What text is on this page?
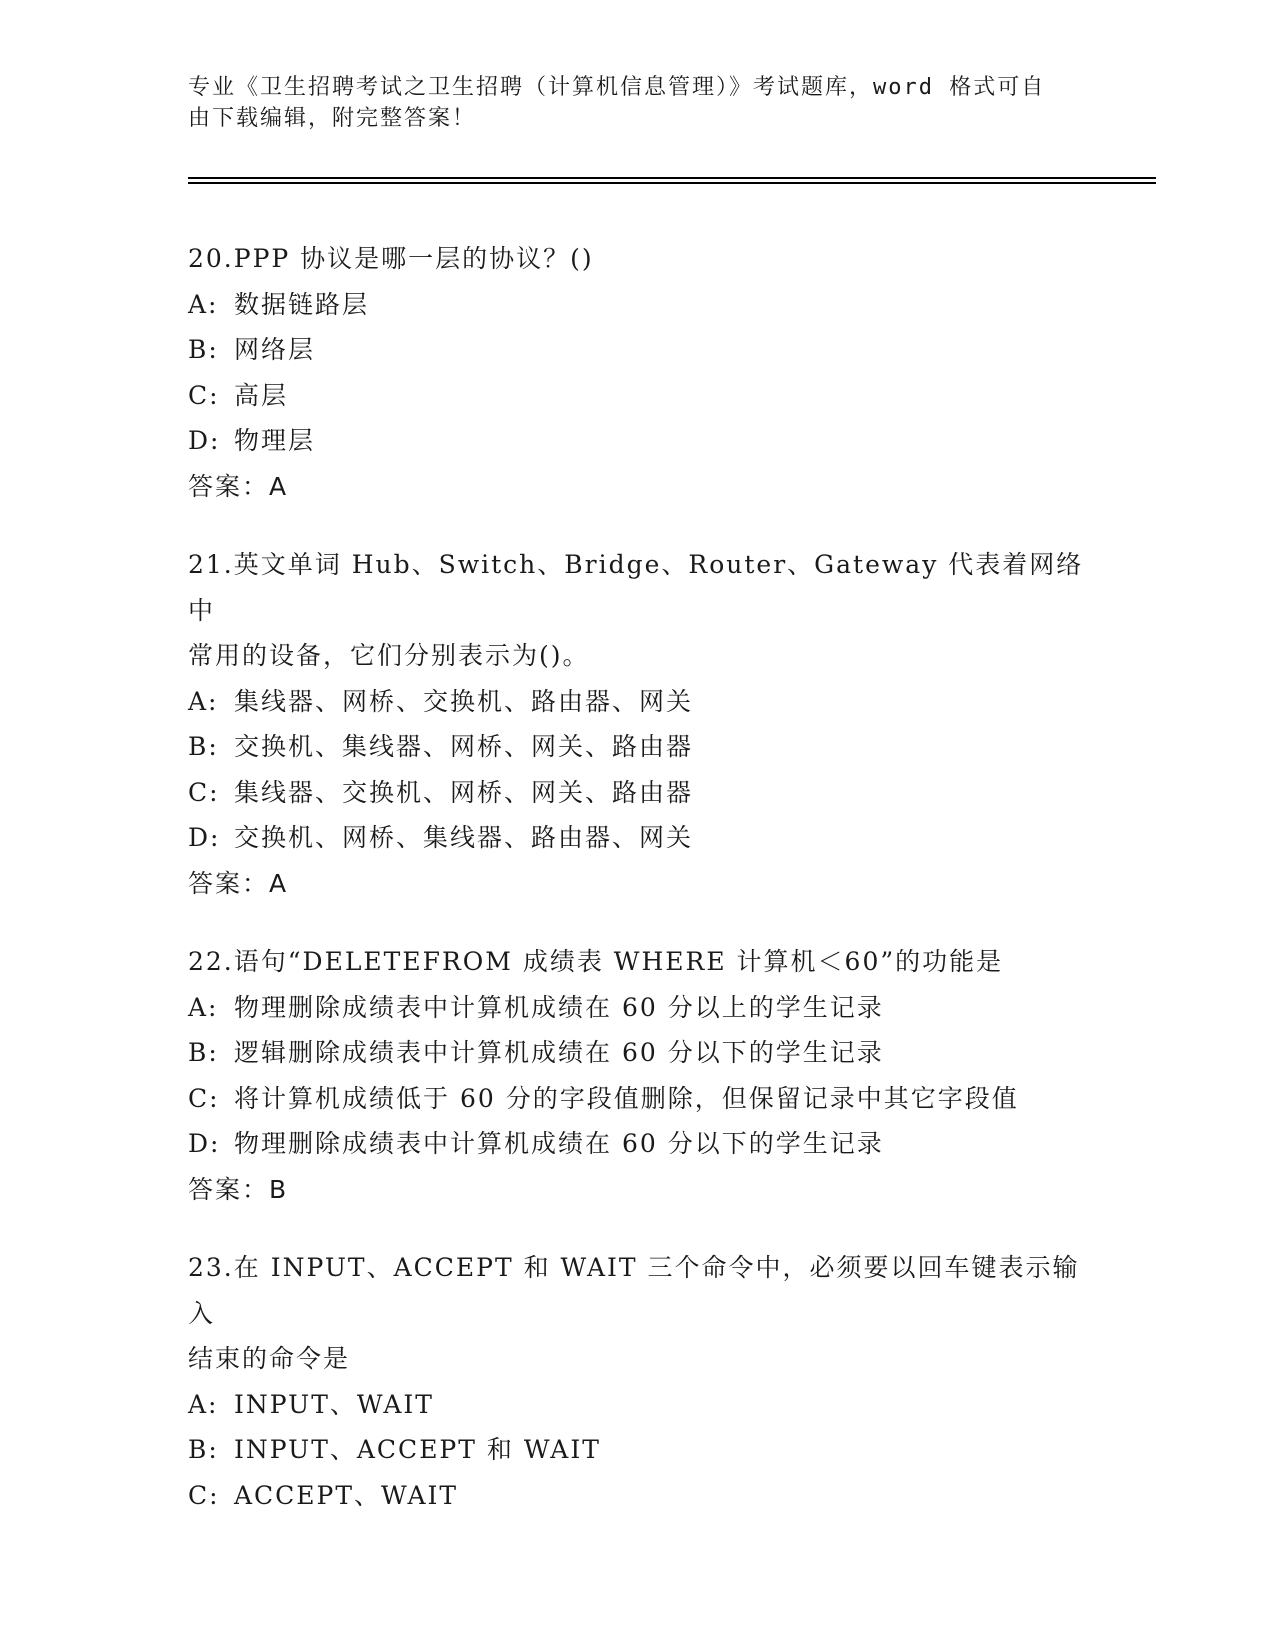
专业《卫生招聘考试之卫生招聘（计算机信息管理）》考试题库，word 格式可自
由下载编辑，附完整答案！

20.PPP 协议是哪一层的协议？()

A: 数据链路层

B: 网络层

C: 高层

D: 物理层

答案：A

21.英文单词 Hub、Switch、Bridge、Router、Gateway 代表着网络中

常用的设备，它们分别表示为()。

A: 集线器、网桥、交换机、路由器、网关

B: 交换机、集线器、网桥、网关、路由器

C: 集线器、交换机、网桥、网关、路由器

D: 交换机、网桥、集线器、路由器、网关

答案：A

22.语句“DELETEFROM 成绩表 WHERE 计算机＜60”的功能是

A: 物理删除成绩表中计算机成绩在 60 分以上的学生记录

B: 逻辑删除成绩表中计算机成绩在 60 分以下的学生记录

C: 将计算机成绩低于 60 分的字段值删除，但保留记录中其它字段值

D: 物理删除成绩表中计算机成绩在 60 分以下的学生记录

答案：B

23.在 INPUT、ACCEPT 和 WAIT 三个命令中，必须要以回车键表示输入

结束的命令是

A: INPUT、WAIT

B: INPUT、ACCEPT 和 WAIT

C: ACCEPT、WAIT
